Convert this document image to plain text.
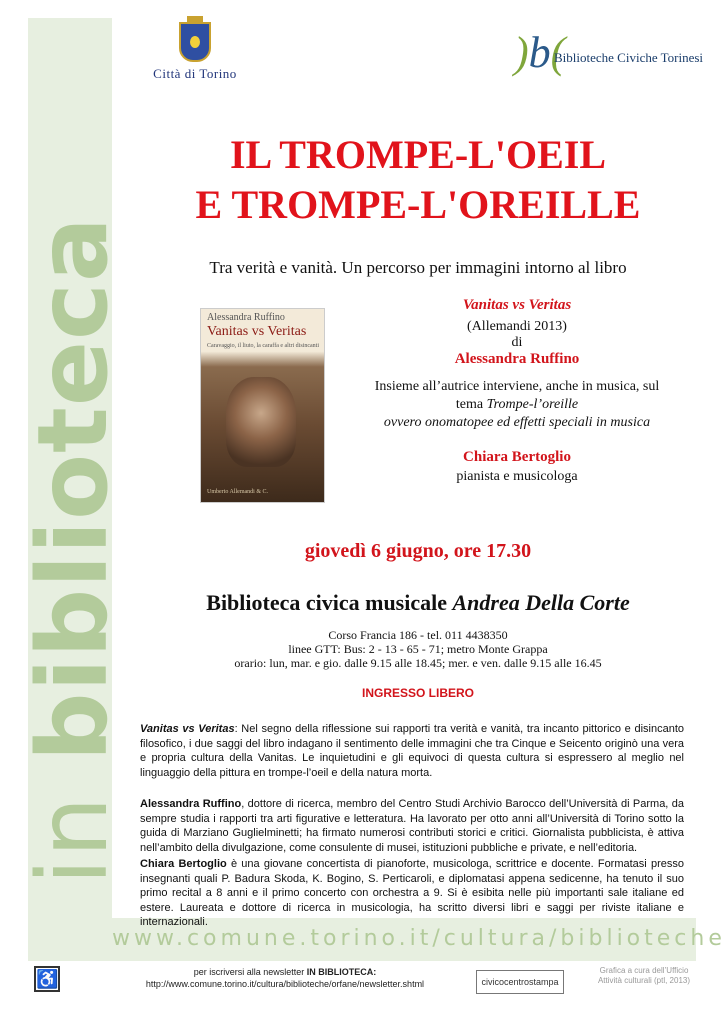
in biblioteca
Città di Torino	)b(
Biblioteche Civiche Torinesi
IL TROMPE-L'OEIL
E TROMPE-L'OREILLE
Tra verità e vanità. Un percorso per immagini intorno al libro
Alessandra Ruffino
Vanitas vs Veritas
Caravaggio, il liuto, la caraffa e altri disincanti
Umberto Allemandi & C.
Vanitas vs Veritas
(Allemandi 2013)
di
Alessandra Ruffino
Insieme all’autrice interviene, anche in musica, sul
tema Trompe-l’oreille
ovvero onomatopee ed effetti speciali in musica
Chiara Bertoglio
pianista e musicologa
giovedì 6 giugno, ore 17.30
Biblioteca civica musicale Andrea Della Corte
Corso Francia 186 - tel. 011 4438350
linee GTT: Bus: 2 - 13 - 65 - 71; metro Monte Grappa
orario: lun, mar. e gio. dalle 9.15 alle 18.45; mer. e ven. dalle 9.15 alle 16.45
INGRESSO LIBERO
Vanitas vs Veritas: Nel segno della riflessione sui rapporti tra verità e vanità, tra incanto pittorico e disincanto filosofico, i due saggi del libro indagano il sentimento delle immagini che tra Cinque e Seicento originò una vera e propria cultura della Vanitas. Le inquietudini e gli equivoci di questa cultura si espressero al meglio nel linguaggio della pittura en trompe-l’oeil e della natura morta.
Alessandra Ruffino, dottore di ricerca, membro del Centro Studi Archivio Barocco dell’Università di Parma, da sempre studia i rapporti tra arti figurative e letteratura. Ha lavorato per otto anni all’Università di Torino sotto la guida di Marziano Guglielminetti; ha firmato numerosi contributi storici e critici. Giornalista pubblicista, è attiva nell’ambito della divulgazione, come consulente di musei, istituzioni pubbliche e private, e nell’editoria.
Chiara Bertoglio è una giovane concertista di pianoforte, musicologa, scrittrice e docente. Formatasi presso insegnanti quali P. Badura Skoda, K. Bogino, S. Perticaroli, e diplomatasi appena sedicenne, ha tenuto il suo primo recital a 8 anni e il primo concerto con orchestra a 9. Si è esibita nelle più importanti sale italiane ed estere. Laureata e dottore di ricerca in musicologia, ha scritto diversi libri e saggi per riviste italiane e internazionali.
www.comune.torino.it/cultura/biblioteche
♿	per iscriversi alla newsletter IN BIBLIOTECA:
http://www.comune.torino.it/cultura/biblioteche/orfane/newsletter.shtml	civicocentrostampa
Grafica a cura dell’Ufficio
Attività culturali (ptl, 2013)
